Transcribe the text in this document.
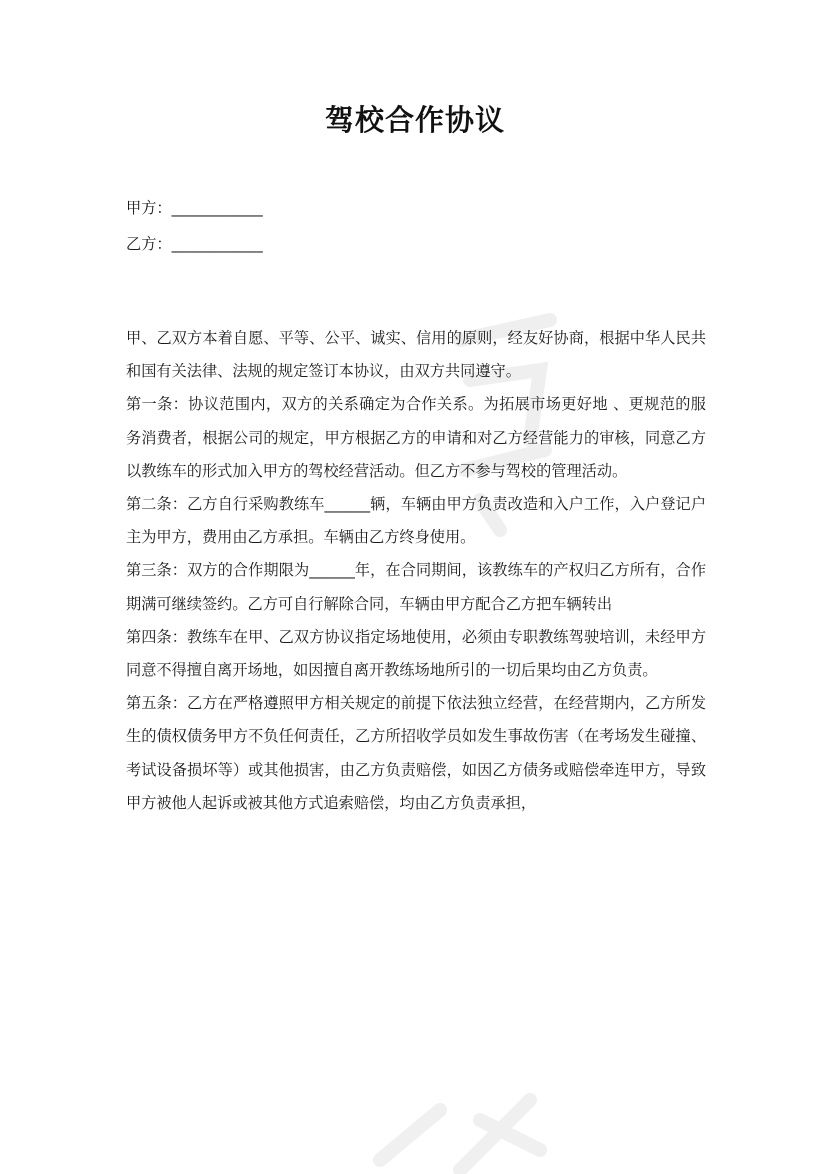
驾校合作协议
甲方：____________
乙方：____________

甲、乙双方本着自愿、平等、公平、诚实、信用的原则，经友好协商，根据中华人民共和国有关法律、法规的规定签订本协议，由双方共同遵守。

第一条：协议范围内，双方的关系确定为合作关系。为拓展市场更好地 、更规范的服务消费者，根据公司的规定，甲方根据乙方的申请和对乙方经营能力的审核，同意乙方以教练车的形式加入甲方的驾校经营活动。但乙方不参与驾校的管理活动。

第二条：乙方自行采购教练车______辆，车辆由甲方负责改造和入户工作，入户登记户主为甲方，费用由乙方承担。车辆由乙方终身使用。

第三条：双方的合作期限为______年，在合同期间，该教练车的产权归乙方所有，合作期满可继续签约。乙方可自行解除合同，车辆由甲方配合乙方把车辆转出

第四条：教练车在甲、乙双方协议指定场地使用，必须由专职教练驾驶培训，未经甲方同意不得擅自离开场地，如因擅自离开教练场地所引的一切后果均由乙方负责。

第五条：乙方在严格遵照甲方相关规定的前提下依法独立经营，在经营期内，乙方所发生的债权债务甲方不负任何责任，乙方所招收学员如发生事故伤害（在考场发生碰撞、考试设备损坏等）或其他损害，由乙方负责赔偿，如因乙方债务或赔偿牵连甲方，导致甲方被他人起诉或被其他方式追索赔偿，均由乙方负责承担，
